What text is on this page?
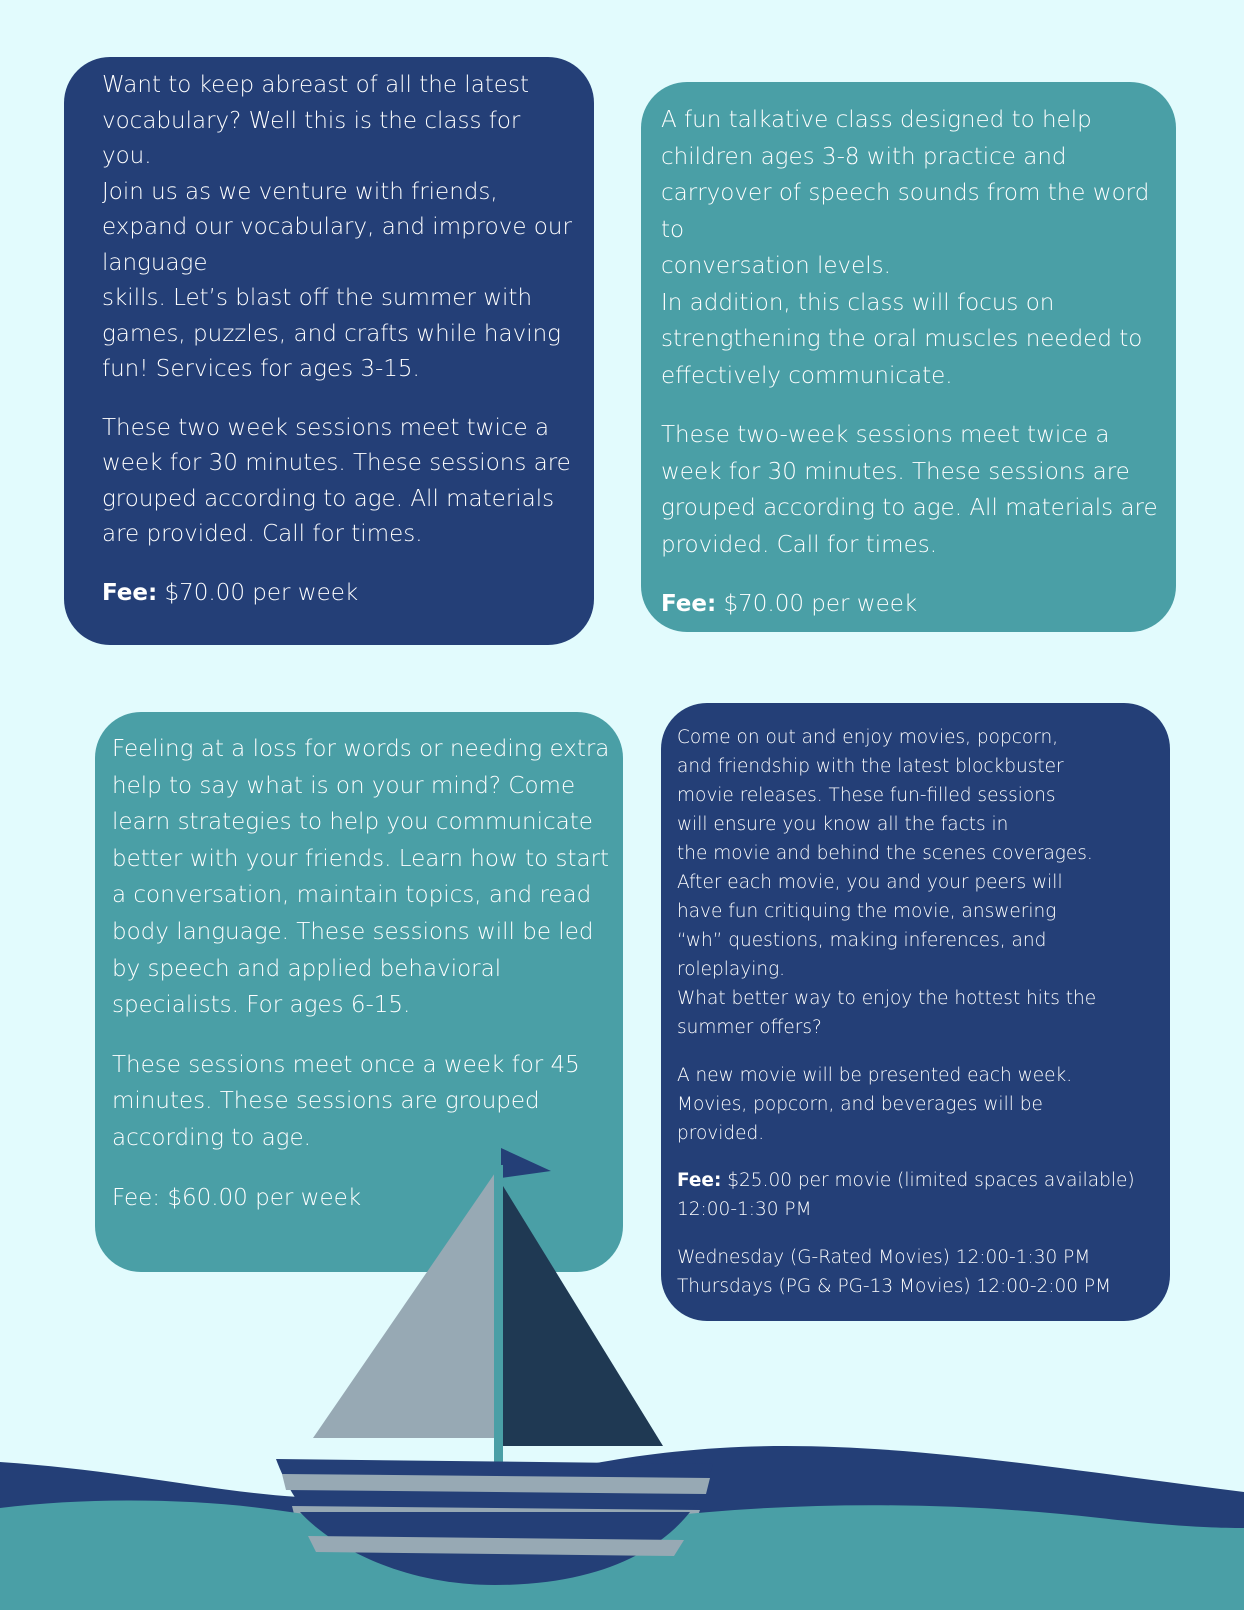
Want to keep abreast of all the latest
vocabulary? Well this is the class for
you.
Join us as we venture with friends,
expand our vocabulary, and improve our
language
skills. Let’s blast off the summer with
games, puzzles, and crafts while having
fun! Services for ages 3-15.

These two week sessions meet twice a
week for 30 minutes. These sessions are
grouped according to age. All materials
are provided. Call for times.

Fee: $70.00 per week

A fun talkative class designed to help
children ages 3-8 with practice and
carryover of speech sounds from the word to
conversation levels.
In addition, this class will focus on
strengthening the oral muscles needed to
effectively communicate.

These two-week sessions meet twice a
week for 30 minutes. These sessions are
grouped according to age. All materials are
provided. Call for times.

Fee: $70.00 per week

Feeling at a loss for words or needing extra
help to say what is on your mind? Come
learn strategies to help you communicate
better with your friends. Learn how to start
a conversation, maintain topics, and read
body language. These sessions will be led
by speech and applied behavioral
specialists. For ages 6-15.

These sessions meet once a week for 45
minutes. These sessions are grouped
according to age.

Fee: $60.00 per week

Come on out and enjoy movies, popcorn,
and friendship with the latest blockbuster
movie releases. These fun-filled sessions
will ensure you know all the facts in
the movie and behind the scenes coverages.
After each movie, you and your peers will
have fun critiquing the movie, answering
“wh” questions, making inferences, and roleplaying.
What better way to enjoy the hottest hits the
summer offers?

A new movie will be presented each week.
Movies, popcorn, and beverages will be
provided.

Fee: $25.00 per movie (limited spaces available)

12:00-1:30 PM

Wednesday (G-Rated Movies) 12:00-1:30 PM

Thursdays (PG & PG-13 Movies) 12:00-2:00 PM
